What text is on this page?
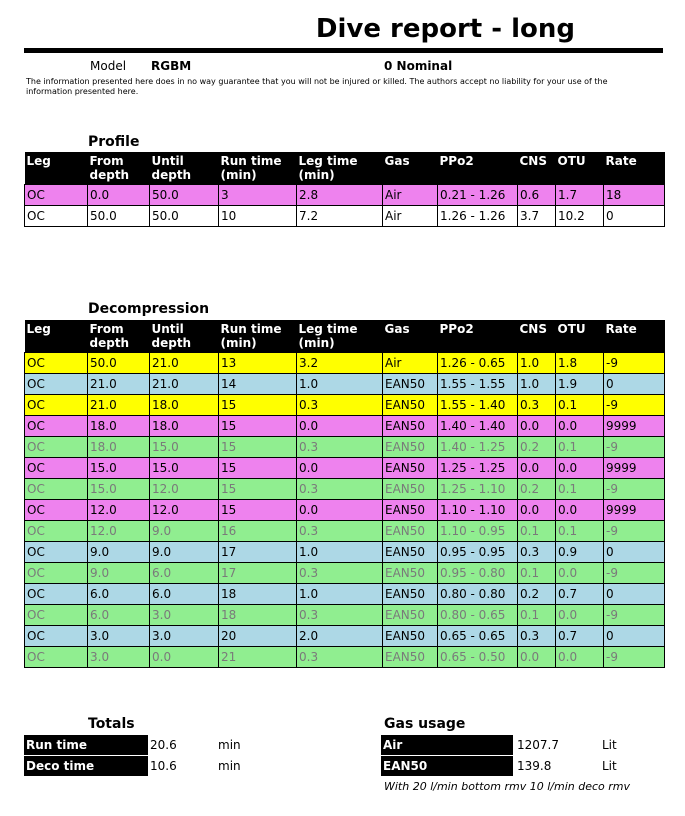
Dive report - long
Model RGBM	0 Nominal
The information presented here does in no way guarantee that you will not be injured or killed. The authors accept no liability for your use of the information presented here.
Profile
Leg	From depth	Until depth	Run time (min)	Leg time (min)	Gas	PPo2	CNS	OTU	Rate
OC	0.0	50.0	3	2.8	Air	0.21 - 1.26	0.6	1.7	18
OC	50.0	50.0	10	7.2	Air	1.26 - 1.26	3.7	10.2	0
Decompression
Leg	From depth	Until depth	Run time (min)	Leg time (min)	Gas	PPo2	CNS	OTU	Rate
OC	50.0	21.0	13	3.2	Air	1.26 - 0.65	1.0	1.8	-9
OC	21.0	21.0	14	1.0	EAN50	1.55 - 1.55	1.0	1.9	0
OC	21.0	18.0	15	0.3	EAN50	1.55 - 1.40	0.3	0.1	-9
OC	18.0	18.0	15	0.0	EAN50	1.40 - 1.40	0.0	0.0	9999
OC	18.0	15.0	15	0.3	EAN50	1.40 - 1.25	0.2	0.1	-9
OC	15.0	15.0	15	0.0	EAN50	1.25 - 1.25	0.0	0.0	9999
OC	15.0	12.0	15	0.3	EAN50	1.25 - 1.10	0.2	0.1	-9
OC	12.0	12.0	15	0.0	EAN50	1.10 - 1.10	0.0	0.0	9999
OC	12.0	9.0	16	0.3	EAN50	1.10 - 0.95	0.1	0.1	-9
OC	9.0	9.0	17	1.0	EAN50	0.95 - 0.95	0.3	0.9	0
OC	9.0	6.0	17	0.3	EAN50	0.95 - 0.80	0.1	0.0	-9
OC	6.0	6.0	18	1.0	EAN50	0.80 - 0.80	0.2	0.7	0
OC	6.0	3.0	18	0.3	EAN50	0.80 - 0.65	0.1	0.0	-9
OC	3.0	3.0	20	2.0	EAN50	0.65 - 0.65	0.3	0.7	0
OC	3.0	0.0	21	0.3	EAN50	0.65 - 0.50	0.0	0.0	-9
Totals
Run time	20.6	min
Deco time	10.6	min
Gas usage
Air	1207.7	Lit
EAN50	139.8	Lit
With 20 l/min bottom rmv 10 l/min deco rmv
